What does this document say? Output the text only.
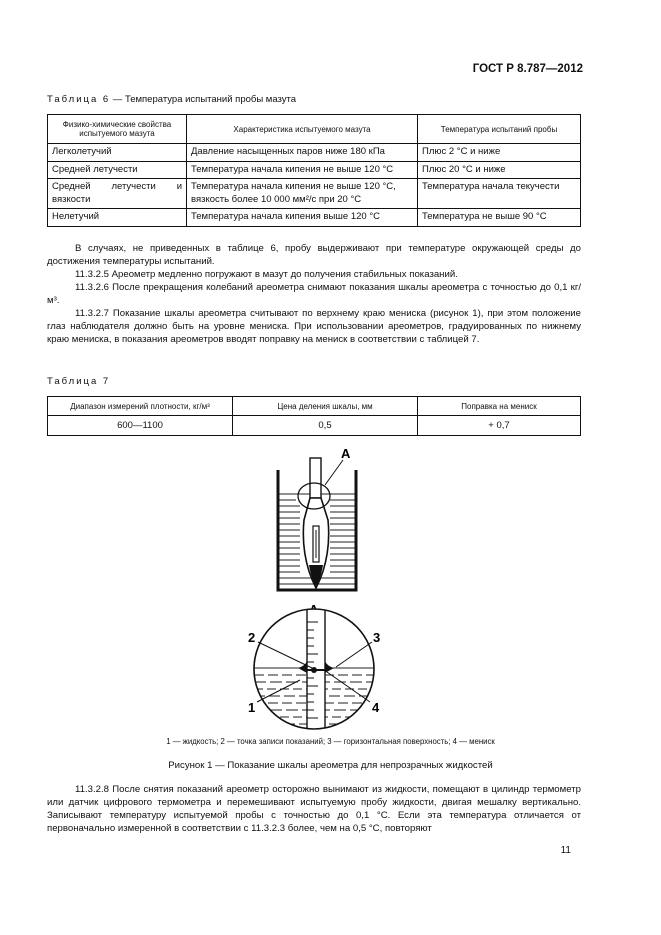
ГОСТ Р 8.787—2012
Таблица 6 — Температура испытаний пробы мазута
Физико-химические свойства испытуемого мазута	Характеристика испытуемого мазута	Температура испытаний пробы
Легколетучий	Давление насыщенных паров ниже 180 кПа	Плюс 2 °С и ниже
Средней летучести	Температура начала кипения не выше 120 °С	Плюс 20 °С и ниже
Средней летучести и вязкости	Температура начала кипения не выше 120 °С, вязкость более 10 000 мм²/с при 20 °С	Температура начала текучести
Нелетучий	Температура начала кипения выше 120 °С	Температура не выше 90 °С

В случаях, не приведенных в таблице 6, пробу выдерживают при температуре окружающей среды до достижения температуры испытаний.

11.3.2.5 Ареометр медленно погружают в мазут до получения стабильных показаний.

11.3.2.6 После прекращения колебаний ареометра снимают показания шкалы ареометра с точностью до 0,1 кг/м³.

11.3.2.7 Показание шкалы ареометра считывают по верхнему краю мениска (рисунок 1), при этом положение глаз наблюдателя должно быть на уровне мениска. При использовании ареометров, градуированных по нижнему краю мениска, в показания ареометров вводят поправку на мениск в соответствии с таблицей 7.

Таблица 7
Диапазон измерений плотности, кг/м³	Цена деления шкалы, мм	Поправка на мениск
600—1100	0,5	+ 0,7
А
2	3
1	4
1 — жидкость; 2 — точка записи показаний; 3 — горизонтальная поверхность; 4 — мениск
Рисунок 1 — Показание шкалы ареометра для непрозрачных жидкостей

11.3.2.8 После снятия показаний ареометр осторожно вынимают из жидкости, помещают в цилиндр термометр или датчик цифрового термометра и перемешивают испытуемую пробу жидкости, двигая мешалку вертикально. Записывают температуру испытуемой пробы с точностью до 0,1 °С. Если эта температура отличается от первоначально измеренной в соответствии с 11.3.2.3 более, чем на 0,5 °С, повторяют

11
